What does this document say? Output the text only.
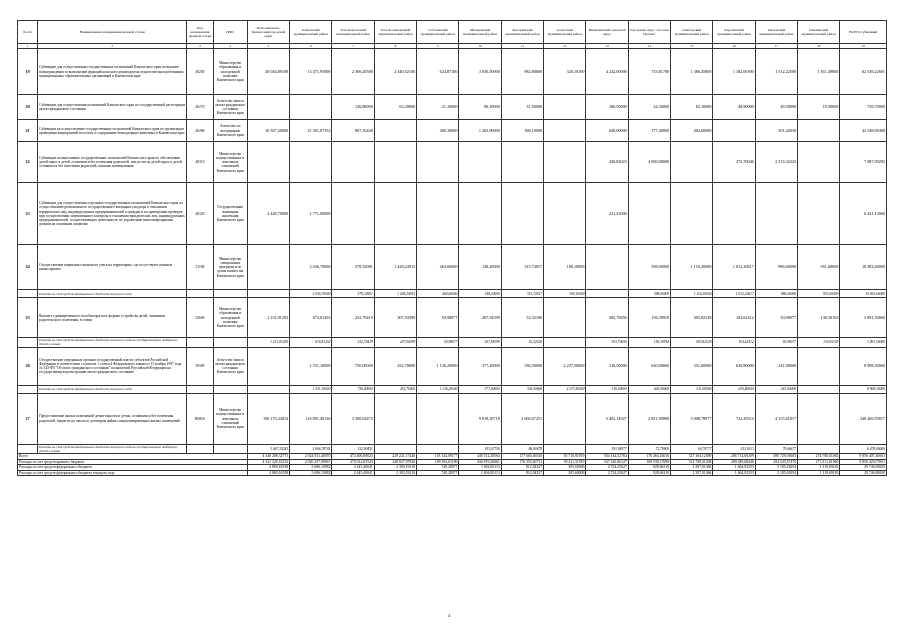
№ п/п	Наименование направления целевой статьи	Код направления целевой статьи	ГРБС	Петропавловск-Камчатский городской округ	Елизовский муниципальный район	Усть-Камчатский муниципальный район	Усть-Большерецкий муниципальный район	Соболевский муниципальный район	Мильковский муниципальный район	Быстринский муниципальный район	Алеутский муниципальный район	Вилючинский городской округ	Городской округ "поселок Палана"	Олюторский муниципальный район	Карагинский муниципальный район	Тигильский муниципальный район	Пенжинский муниципальный район	ВСЕГО субвенций
1	2	3	4	5	6	7	8	9	10	11	12	13	14	15	16	17	18	19
19	Субвенции для осуществления государственных полномочий Камчатского края по выплате вознаграждения за выполнение функций классного руководителя педагогическим работникам муниципальных образовательных организаций в Камчатском крае	40250	Министерство образования и молодежной политики Камчатского края	30 044,89100	13 471,95000	2 366,20500	2 440,52100	624,87100	3 030,50000	982,80600	320,10100	4 242,00000	733,81700	1 386,45800	1 182,00300	1 512,22500	1 011,49800	62 549,22601
20	Субвенции для осуществления полномочий Камчатского края по государственной регистрации актов гражданского состояния	40270	Агентство записи актов гражданского состояния Камчатского края			126,80000	63,20000	21,10000	96,30000	31,50000		186,50000	24,30000	63,10000	48,90000	48,50000	19,50000	729,70000
21	Субвенции на осуществление государственных полномочий Камчатского края по организации проведения мероприятий по отлову и содержанию безнадзорных животных в Камчатском крае	40280	Агентство по ветеринарии Камчатского края	16 567,20000	21 561,87352	807,10440		400,30000	1 202,90000	398,10000		640,00000	177,40000	402,60000		391,42630		42 548,90400
22	Субвенции на выполнение государственных полномочий Камчатского края по обеспечению детей-сирот и детей, оставшихся без попечения родителей, лиц из числа детей-сирот и детей, оставшихся без попечения родителей, жилыми помещениями	40310	Министерство имущественных и земельных отношений Камчатского края									436,83023	4 000,00000		275,70046	2 374,32223		7 087,09292
23	Субвенции для осуществления отдельных государственных полномочий Камчатского края по осуществлению регионального государственного жилищного надзора в отношении юридических лиц, индивидуальных предпринимателей и граждан и по проведению проверок при осуществлении лицензионного контроля в отношении юридических лиц, индивидуальных предпринимателей, осуществляющих деятельность по управлению многоквартирными домами на основании лицензии	40320	Государственная жилищная инспекция Камчатского края	4 428,70000	1 771,00000							221,43000						6 421,13000
24	Осуществление первичного воинского учета на территориях, где отсутствуют военные комиссариаты	51180	Министерство специальных программ и по делам казачества Камчатского края		2 036,70000	578,32901	1 428,24915	464,60000	148,20000	315,74017	169,10000		398,00000	1 110,20000	1 012,20617	986,60000	951,60000	10 492,60000
	Расходы за счет средств федерального бюджета текущего года				2 036,70000	578,32901	1 428,24915	464,60000	148,20000	315,74017	169,10000		398,00000	1 110,20000	1 012,20617	986,60000	951,60000	10 492,60000
25	Выплата единовременного пособия при всех формах устройства детей, лишенных родительского попечения, в семью	52600	Министерство образования и молодежной политики Камчатского края	1 231,81293	674,81202	232,70419	207,94399	50,98077	207,94399	52,32106		303,70650	156,39918	403,82529	104,62412	50,98077	130,50163	3 891,50000
	Расходы за счет средств федерального бюджета текущего года на государственную поддержку детей в семьях			1 231,81293	674,81202	232,70419	207,94399	50,98077	207,94399	52,32106		303,70650	156,39918	403,82529	104,62412	50,98077	130,50163	3 891,50000
26	Осуществление переданных органам государственной власти субъектов Российской Федерации в соответствии с пунктом 1 статьи 4 Федерального закона от 15 ноября 1997 года № 143-ФЗ "Об актах гражданского состояния" полномочий Российской Федерации на государственную регистрацию актов гражданского состояния	59300	Агентство записи актов гражданского состояния Камчатского края		1 531,10000	750,00000	252,70000	1 136,20000	377,40000	336,50000	2 237,50000	316,50000	620,00000	331,60000	630,80000	241,00000		8 908,30000
	Расходы за счет средств федерального бюджета текущего года				1 531,10000	750,00000	252,70000	1 136,20000	377,40000	336,50000	2 237,50000	316,50000	620,00000	331,60000	630,80000	241,00000		8 908,30000
27	Предоставление жилых помещений детям-сиротам и детям, оставшимся без попечения родителей, лицам из их числа по договорам найма специализированных жилых помещений	R0820	Министерство имущественных и земельных отношений Камчатского края	196 173,34814	116 891,40136	3 560,02473			9 819,30718	3 600,07251		5 402,14927	2 851,99890	3 008,78977	724,29514	4 155,01817		348 469,95817
	Расходы за счет средств федерального бюджета текущего года на государственную поддержку детей в семьях			3 467,35243	2 066,78741	152,90451			193,07750	86,80478		391,94977	72,79800	60,79777	15,13013	79,66677		6 478,40000
Всего				4 346 208,32771	2 024 031,40070	472 400,08023	229 221,17446	118 144,09177	440 512,28564	177 665,46540	50 716,91919	504 144,52764	170 463,43016	327 164,12589	286 714,69209	380 729,03603	274 780,01065	9 856 407,40001
Расходы за счет средств краевого бюджета				4 341 329,16232	2 020 237,89967	470 012,05543	226 827,97826	109 394,01190	436 819,26061	176 355,40731	50 411,31919	547 420,06127	169 538,17690	314 768,31208	289 049,68446	294 543,57470	273 311,01060	9 850 429,07001
Расходы за счет средств федерального бюджета				4 869,16538	5 696,10082	2 445,40041	2 393,19210	748,28077	1 694,00113	812,04327	305,60000	2 724,25627	928,66210	2 397,01366	1 664,93253	5 185,43054	1 318,69165	29 746,00000
Расходы за счет средств федерального бюджета текущего года				4 869,16538	5 696,10082	2 445,40041	2 393,19210	748,28077	1 694,00113	812,04327	305,60000	2 724,25627	928,66210	2 397,01366	1 664,93253	5 185,43054	1 318,69165	29 746,00000
4
